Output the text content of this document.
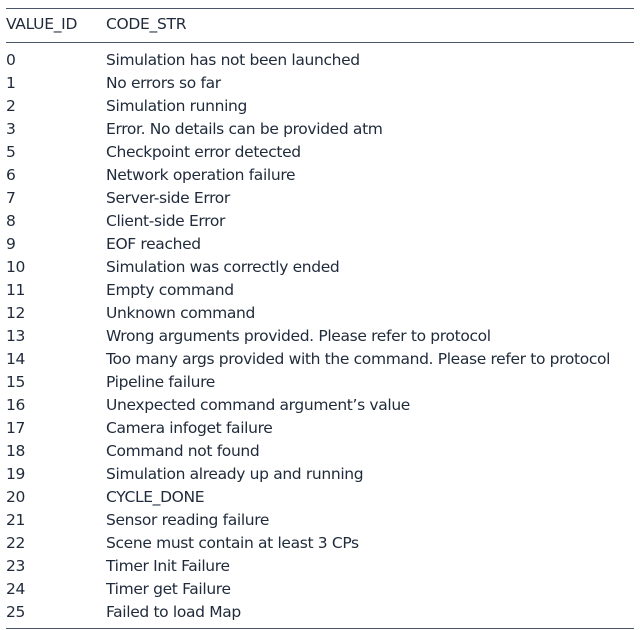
VALUE_ID	CODE_STR
0	Simulation has not been launched
1	No errors so far
2	Simulation running
3	Error. No details can be provided atm
5	Checkpoint error detected
6	Network operation failure
7	Server-side Error
8	Client-side Error
9	EOF reached
10	Simulation was correctly ended
11	Empty command
12	Unknown command
13	Wrong arguments provided. Please refer to protocol
14	Too many args provided with the command. Please refer to protocol
15	Pipeline failure
16	Unexpected command argument’s value
17	Camera infoget failure
18	Command not found
19	Simulation already up and running
20	CYCLE_DONE
21	Sensor reading failure
22	Scene must contain at least 3 CPs
23	Timer Init Failure
24	Timer get Failure
25	Failed to load Map
